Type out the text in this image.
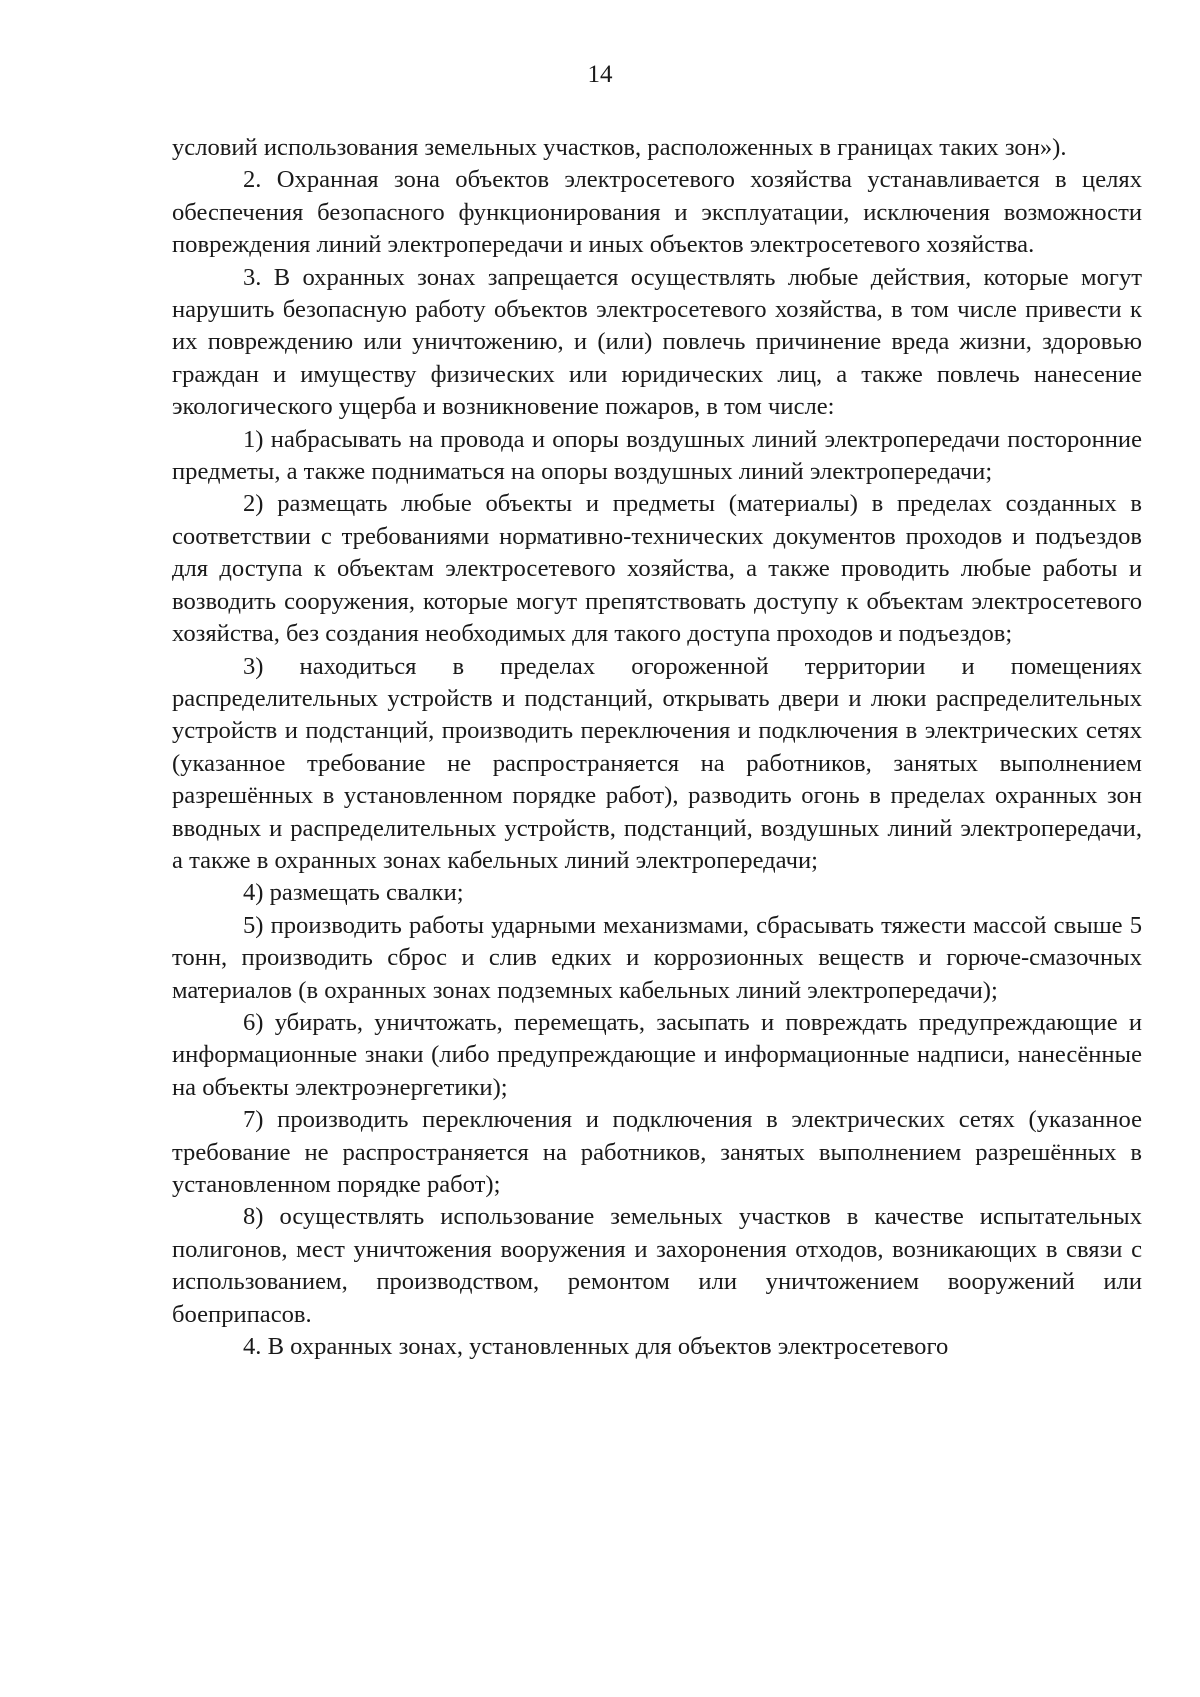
14

условий использования земельных участков, расположенных в границах таких зон»).

2. Охранная зона объектов электросетевого хозяйства устанавливается в целях обеспечения безопасного функционирования и эксплуатации, исключения возможности повреждения линий электропередачи и иных объектов электросетевого хозяйства.

3. В охранных зонах запрещается осуществлять любые действия, которые могут нарушить безопасную работу объектов электросетевого хозяйства, в том числе привести к их повреждению или уничтожению, и (или) повлечь причинение вреда жизни, здоровью граждан и имуществу физических или юридических лиц, а также повлечь нанесение экологического ущерба и возникновение пожаров, в том числе:

1) набрасывать на провода и опоры воздушных линий электропередачи посторонние предметы, а также подниматься на опоры воздушных линий электропередачи;

2) размещать любые объекты и предметы (материалы) в пределах созданных в соответствии с требованиями нормативно-технических документов проходов и подъездов для доступа к объектам электросетевого хозяйства, а также проводить любые работы и возводить сооружения, которые могут препятствовать доступу к объектам электросетевого хозяйства, без создания необходимых для такого доступа проходов и подъездов;

3) находиться в пределах огороженной территории и помещениях распределительных устройств и подстанций, открывать двери и люки распределительных устройств и подстанций, производить переключения и подключения в электрических сетях (указанное требование не распространяется на работников, занятых выполнением разрешённых в установленном порядке работ), разводить огонь в пределах охранных зон вводных и распределительных устройств, подстанций, воздушных линий электропередачи, а также в охранных зонах кабельных линий электропередачи;

4) размещать свалки;

5) производить работы ударными механизмами, сбрасывать тяжести массой свыше 5 тонн, производить сброс и слив едких и коррозионных веществ и горюче-смазочных материалов (в охранных зонах подземных кабельных линий электропередачи);

6) убирать, уничтожать, перемещать, засыпать и повреждать предупреждающие и информационные знаки (либо предупреждающие и информационные надписи, нанесённые на объекты электроэнергетики);

7) производить переключения и подключения в электрических сетях (указанное требование не распространяется на работников, занятых выполнением разрешённых в установленном порядке работ);

8) осуществлять использование земельных участков в качестве испытательных полигонов, мест уничтожения вооружения и захоронения отходов, возникающих в связи с использованием, производством, ремонтом или уничтожением вооружений или боеприпасов.

4. В охранных зонах, установленных для объектов электросетевого
